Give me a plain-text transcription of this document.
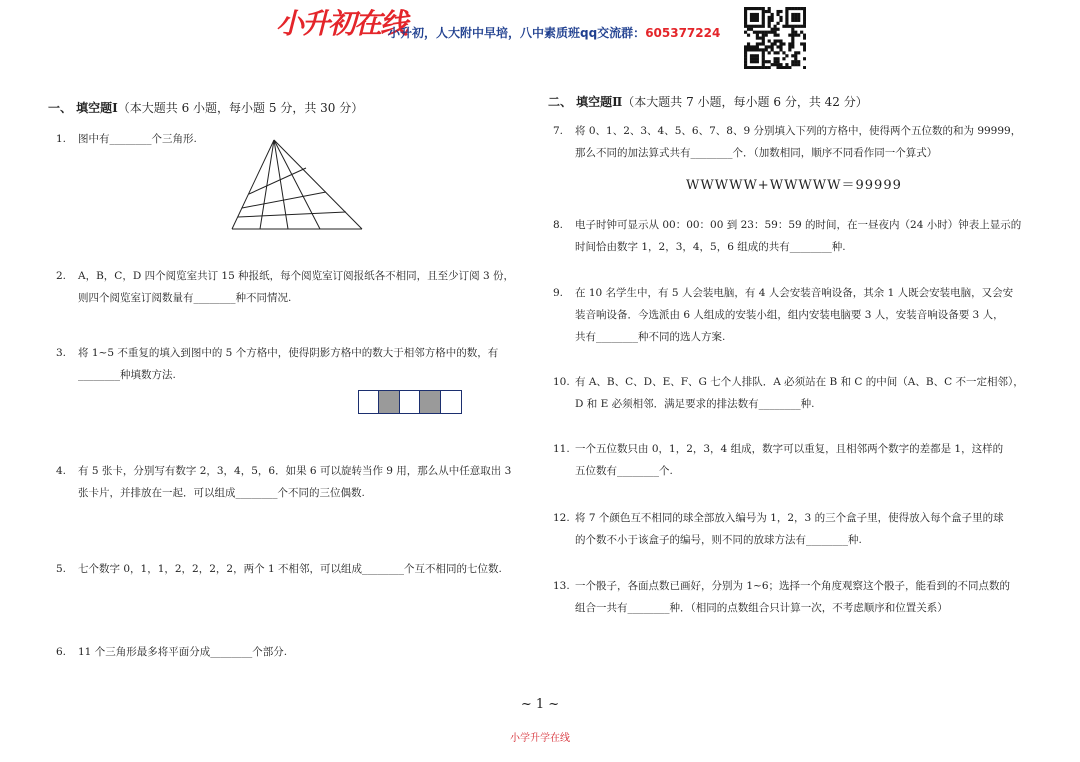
小升初在线
小升初，人大附中早培，八中素质班qq交流群：605377224
一、 填空题Ⅰ（本大题共 6 小题，每小题 5 分，共 30 分）
1. 图中有________个三角形.
2. A，B，C，D 四个阅览室共订 15 种报纸，每个阅览室订阅报纸各不相同，且至少订阅 3 份，
则四个阅览室订阅数量有________种不同情况.
3. 将 1~5 不重复的填入到图中的 5 个方格中，使得阴影方格中的数大于相邻方格中的数，有
________种填数方法.
4. 有 5 张卡，分别写有数字 2，3，4，5，6．如果 6 可以旋转当作 9 用，那么从中任意取出 3
张卡片，并排放在一起．可以组成________个不同的三位偶数.
5. 七个数字 0，1，1，2，2，2，2，两个 1 不相邻，可以组成________个互不相同的七位数.
6. 11 个三角形最多将平面分成________个部分.
二、 填空题Ⅱ（本大题共 7 小题，每小题 6 分，共 42 分）
7. 将 0、1、2、3、4、5、6、7、8、9 分别填入下列的方格中，使得两个五位数的和为 99999，
那么不同的加法算式共有________个．（加数相同，顺序不同看作同一个算式）
WWWWW+WWWWW＝99999
8. 电子时钟可显示从 00：00：00 到 23：59：59 的时间，在一昼夜内（24 小时）钟表上显示的
时间恰由数字 1，2，3，4，5，6 组成的共有________种.
9. 在 10 名学生中，有 5 人会装电脑，有 4 人会安装音响设备，其余 1 人既会安装电脑，又会安
装音响设备．今选派由 6 人组成的安装小组，组内安装电脑要 3 人，安装音响设备要 3 人，
共有________种不同的选人方案.
10. 有 A、B、C、D、E、F、G 七个人排队．A 必须站在 B 和 C 的中间（A、B、C 不一定相邻），
D 和 E 必须相邻．满足要求的排法数有________种.
11. 一个五位数只由 0，1，2，3，4 组成，数字可以重复，且相邻两个数字的差都是 1，这样的
五位数有________个.
12. 将 7 个颜色互不相同的球全部放入编号为 1，2，3 的三个盒子里，使得放入每个盒子里的球
的个数不小于该盒子的编号，则不同的放球方法有________种.
13. 一个骰子，各面点数已画好，分别为 1~6；选择一个角度观察这个骰子，能看到的不同点数的
组合一共有________种．（相同的点数组合只计算一次，不考虑顺序和位置关系）
~ 1 ~
小学升学在线
